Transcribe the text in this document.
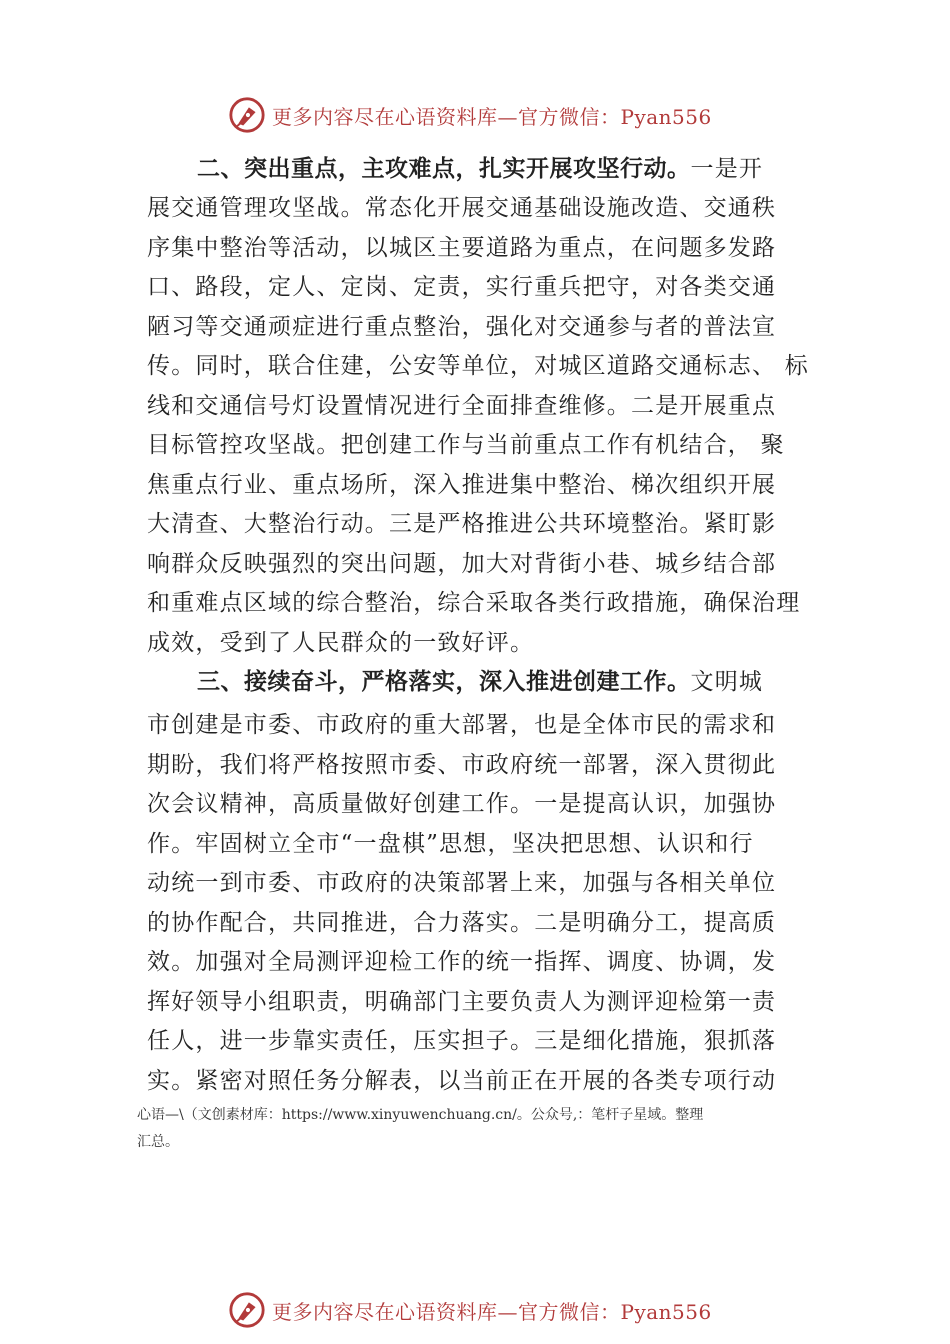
更多内容尽在心语资料库—官方微信：Pyan556
二、突出重点，主攻难点，扎实开展攻坚行动。一是开
展交通管理攻坚战。常态化开展交通基础设施改造、交通秩
序集中整治等活动，以城区主要道路为重点，在问题多发路
口、路段，定人、定岗、定责，实行重兵把守，对各类交通
陋习等交通顽症进行重点整治，强化对交通参与者的普法宣
传。同时，联合住建，公安等单位，对城区道路交通标志、 标
线和交通信号灯设置情况进行全面排查维修。二是开展重点
目标管控攻坚战。把创建工作与当前重点工作有机结合， 聚
焦重点行业、重点场所，深入推进集中整治、梯次组织开展
大清查、大整治行动。三是严格推进公共环境整治。紧盯影
响群众反映强烈的突出问题，加大对背街小巷、城乡结合部
和重难点区域的综合整治，综合采取各类行政措施，确保治理
成效，受到了人民群众的一致好评。
三、接续奋斗，严格落实，深入推进创建工作。文明城
市创建是市委、市政府的重大部署，也是全体市民的需求和
期盼，我们将严格按照市委、市政府统一部署，深入贯彻此
次会议精神，高质量做好创建工作。一是提高认识，加强协
作。牢固树立全市“一盘棋”思想，坚决把思想、认识和行
动统一到市委、市政府的决策部署上来，加强与各相关单位
的协作配合，共同推进，合力落实。二是明确分工，提高质
效。加强对全局测评迎检工作的统一指挥、调度、协调，发
挥好领导小组职责，明确部门主要负责人为测评迎检第一责
任人，进一步靠实责任，压实担子。三是细化措施，狠抓落
实。紧密对照任务分解表，以当前正在开展的各类专项行动
心语—\（文创素材库：https://www.xinyuwenchuang.cn/。公众号,：笔杆子星域。整理
汇总。
更多内容尽在心语资料库—官方微信：Pyan556
